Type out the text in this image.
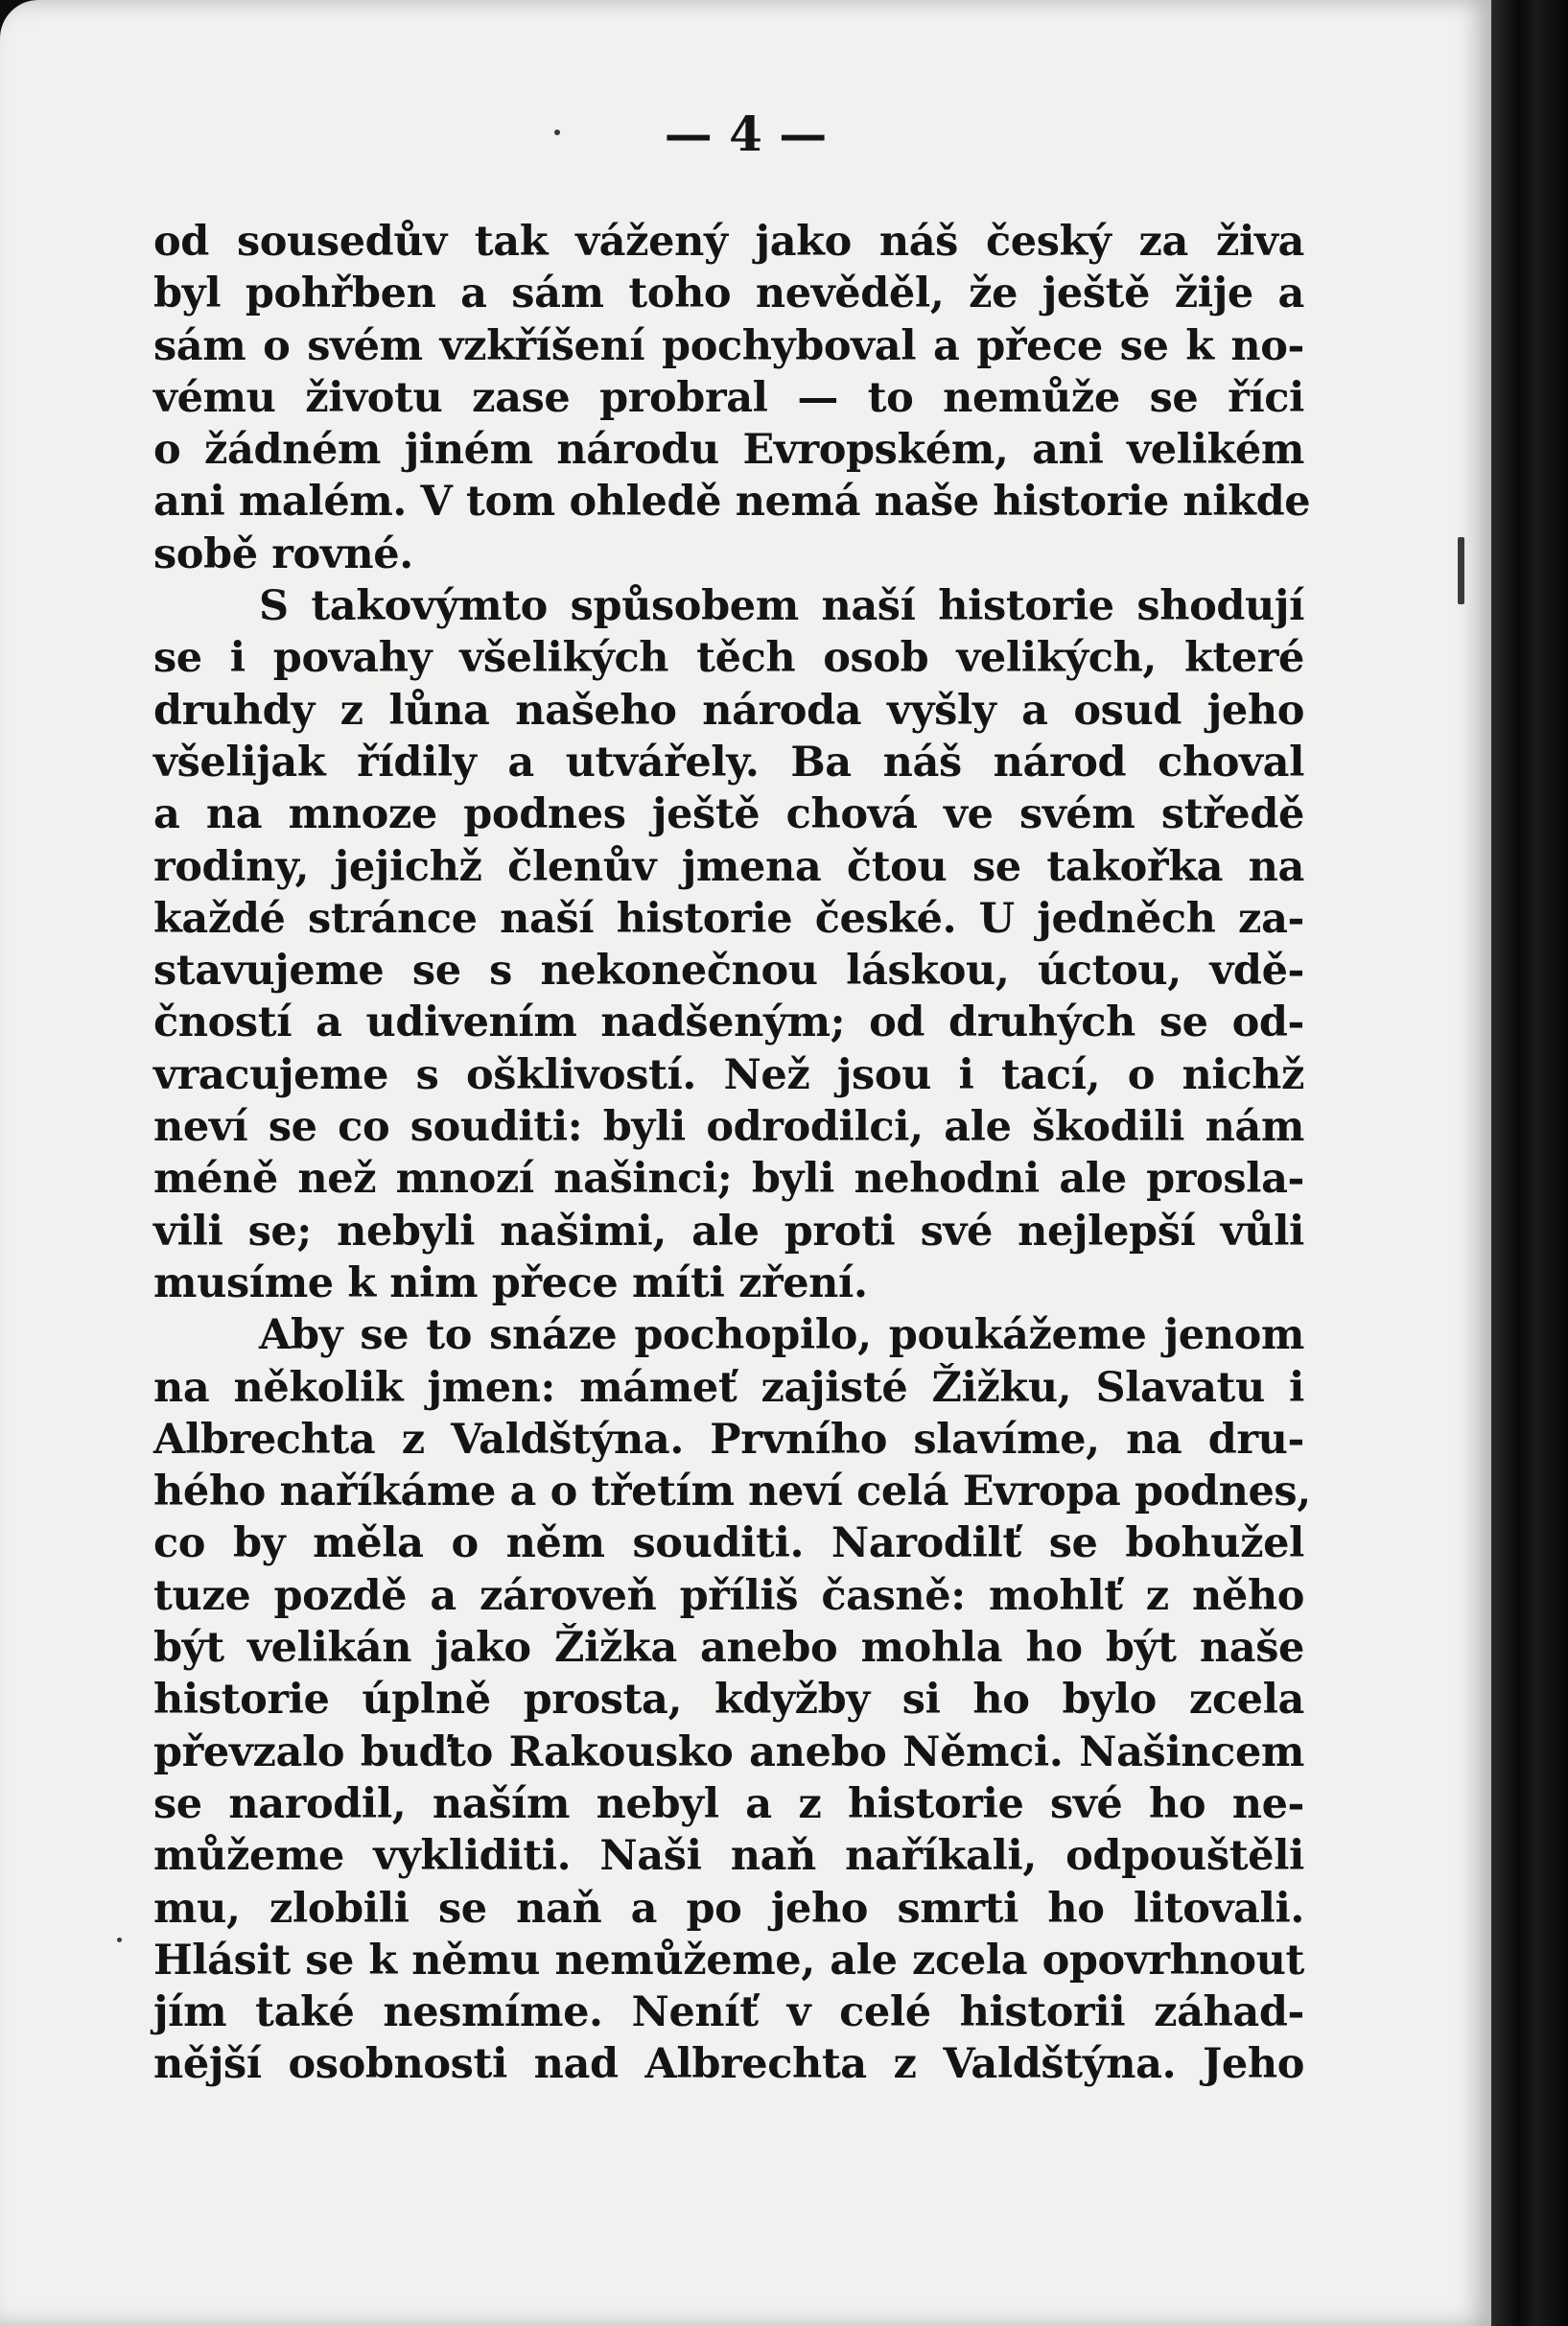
— 4 —
od sousedův tak vážený jako náš český za živa
byl pohřben a sám toho nevěděl, že ještě žije a
sám o svém vzkříšení pochyboval a přece se k no-
vému životu zase probral — to nemůže se říci
o žádném jiném národu Evropském, ani velikém
ani malém. V tom ohledě nemá naše historie nikde
sobě rovné.
S takovýmto spůsobem naší historie shodují
se i povahy všelikých těch osob velikých, které
druhdy z lůna našeho národa vyšly a osud jeho
všelijak řídily a utvářely. Ba náš národ choval
a na mnoze podnes ještě chová ve svém středě
rodiny, jejichž členův jmena čtou se takořka na
každé stránce naší historie české. U jedněch za-
stavujeme se s nekonečnou láskou, úctou, vdě-
čností a udivením nadšeným; od druhých se od-
vracujeme s ošklivostí. Než jsou i tací, o nichž
neví se co souditi: byli odrodilci, ale škodili nám
méně než mnozí našinci; byli nehodni ale prosla-
vili se; nebyli našimi, ale proti své nejlepší vůli
musíme k nim přece míti zření.
Aby se to snáze pochopilo, poukážeme jenom
na několik jmen: mámeť zajisté Žižku, Slavatu i
Albrechta z Valdštýna. Prvního slavíme, na dru-
hého naříkáme a o třetím neví celá Evropa podnes,
co by měla o něm souditi. Narodilť se bohužel
tuze pozdě a zároveň příliš časně: mohlť z něho
být velikán jako Žižka anebo mohla ho být naše
historie úplně prosta, kdyžby si ho bylo zcela
převzalo buďto Rakousko anebo Němci. Našincem
se narodil, naším nebyl a z historie své ho ne-
můžeme vykliditi. Naši naň naříkali, odpouštěli
mu, zlobili se naň a po jeho smrti ho litovali.
Hlásit se k němu nemůžeme, ale zcela opovrhnout
jím také nesmíme. Neníť v celé historii záhad-
nější osobnosti nad Albrechta z Valdštýna. Jeho
